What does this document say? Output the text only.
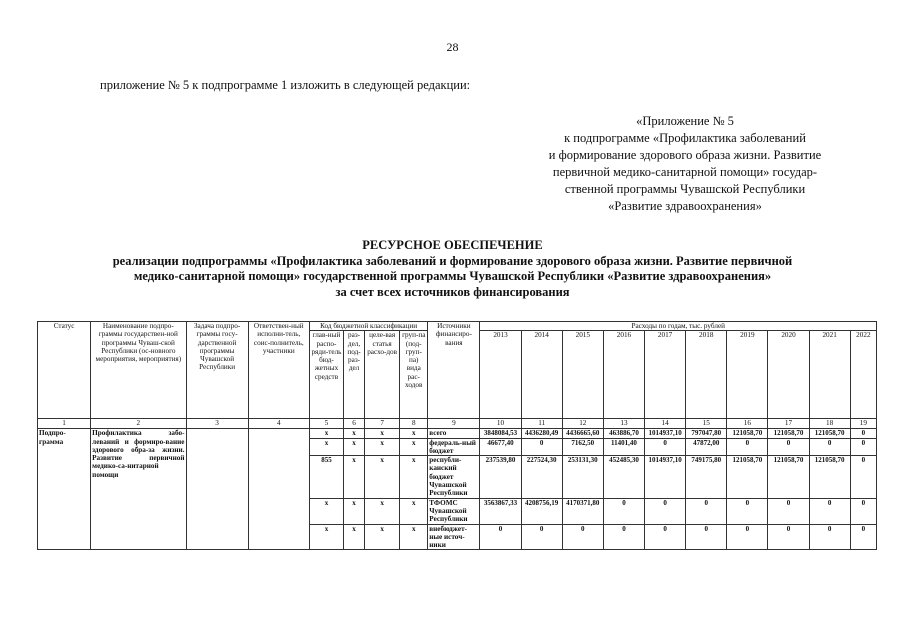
28
приложение № 5 к подпрограмме 1 изложить в следующей редакции:
«Приложение № 5
к подпрограмме «Профилактика заболеваний
и формирование здорового образа жизни. Развитие
первичной медико-санитарной помощи» государ-
ственной программы Чувашской Республики
«Развитие здравоохранения»
РЕСУРСНОЕ ОБЕСПЕЧЕНИЕ
реализации подпрограммы «Профилактика заболеваний и формирование здорового образа жизни. Развитие первичной
медико-санитарной помощи» государственной программы Чувашской Республики «Развитие здравоохранения»
за счет всех источников финансирования
Статус	Наименование подпро-граммы государствен-ной программы Чуваш-ской Республики (ос-новного мероприятия, мероприятия)	Задача подпро-граммы госу-дарственной программы Чувашской Республики	Ответствен-ный исполни-тель, соис-полнитель, участники	Код бюджетной классификации				Источники финансиро-вания	Расходы по годам, тыс. рублей									
				глав-ный распо-ряди-тель бюд-жетных средств	раз-дел, под-раз-дел	целе-вая статья расхо-дов	груп-па (под-груп-па) вида рас-ходов		2013	2014	2015	2016	2017	2018	2019	2020	2021	2022
1	2	3	4	5	6	7	8	9	10	11	12	13	14	15	16	17	18	19
Подпро-грамма	Профилактика забо-леваний и формиро-вание здорового обра-за жизни. Развитие первичной медико-са-нитарной помощи			x	x	x	x	всего	3848084,53	4436280,49	4436665,60	463886,70	1014937,10	797047,80	121058,70	121058,70	121058,70	0
				x	x	x	x	федераль-ный бюджет	46677,40	0	7162,50	11401,40	0	47872,00	0	0	0	0
				855	x	x	x	республи-канский бюджет Чувашской Республики	237539,80	227524,30	253131,30	452485,30	1014937,10	749175,80	121058,70	121058,70	121058,70	0
				x	x	x	x	ТФОМС Чувашской Республики	3563867,33	4208756,19	4170371,80	0	0	0	0	0	0	0
				x	x	x	x	внебюджет-ные источ-ники	0	0	0	0	0	0	0	0	0	0
